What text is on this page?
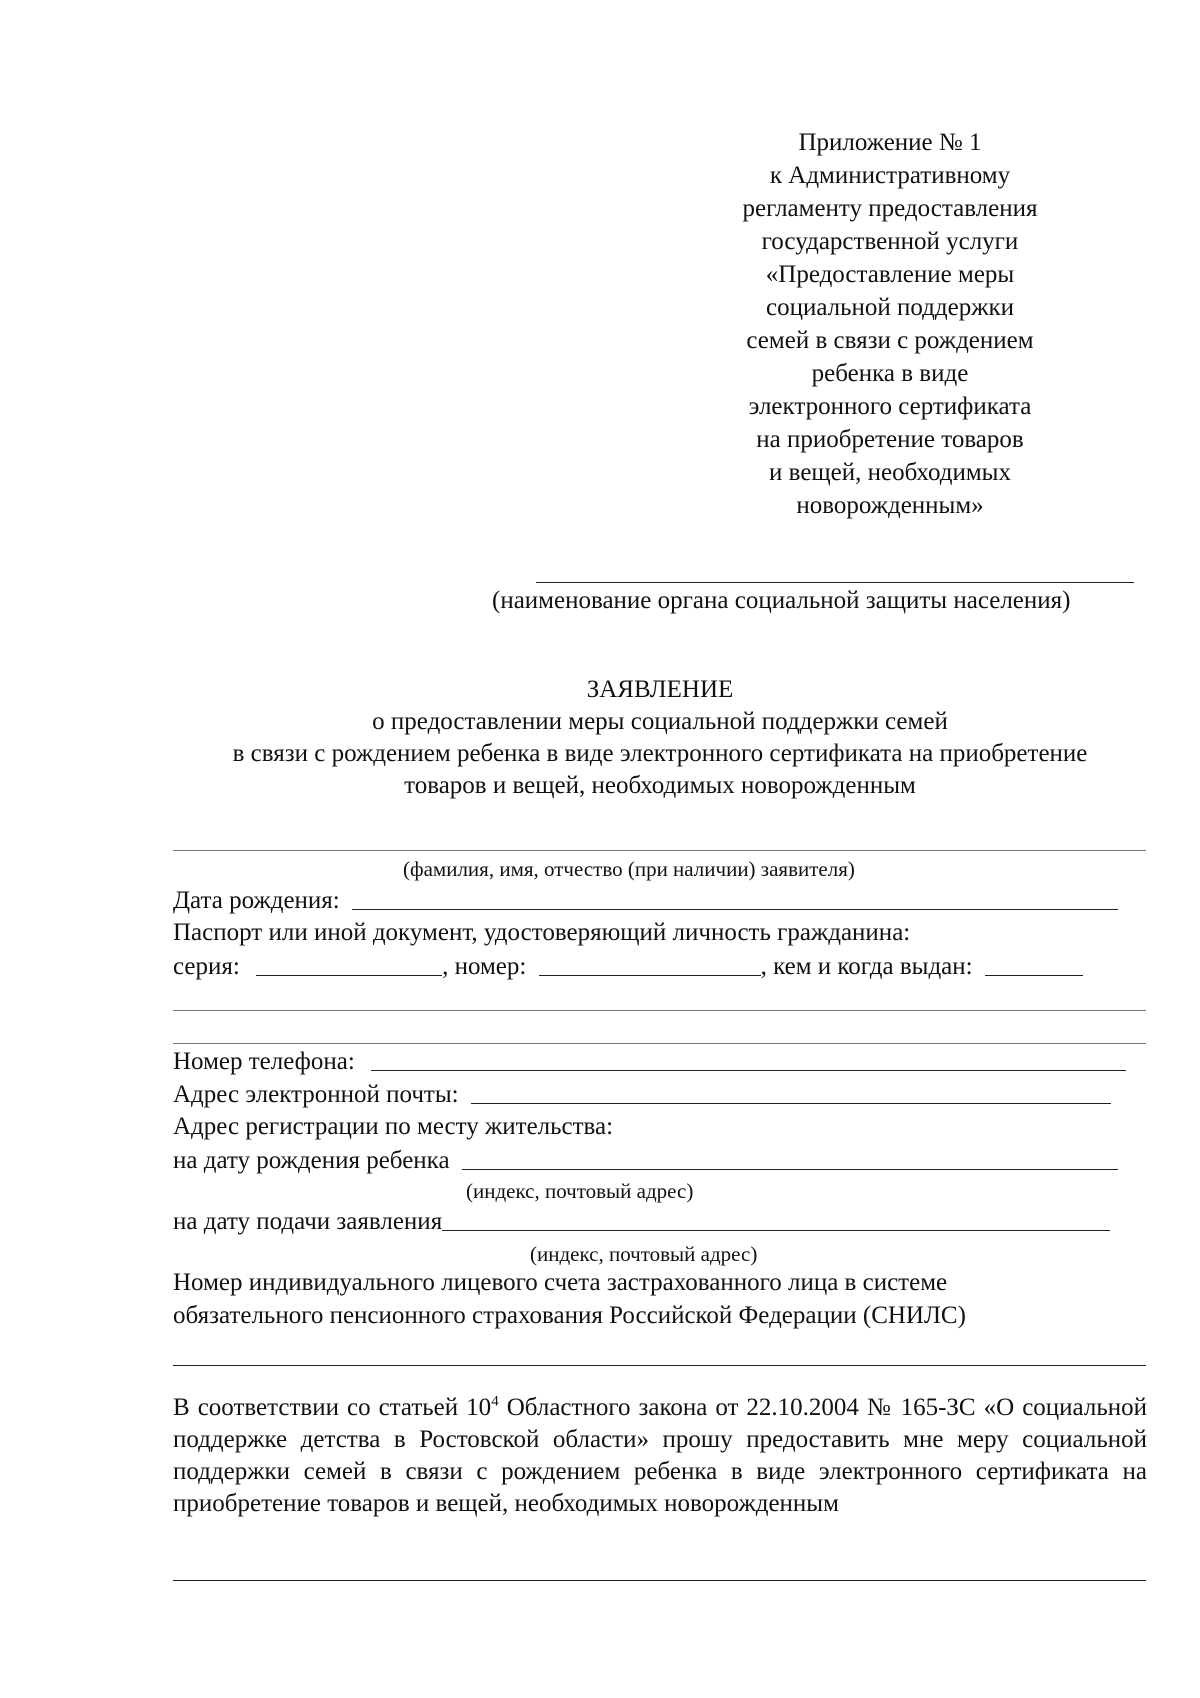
Приложение № 1
к Административному
регламенту предоставления
государственной услуги
«Предоставление меры
социальной поддержки
семей в связи с рождением
ребенка в виде
электронного сертификата
на приобретение товаров
и вещей, необходимых
новорожденным»
(наименование органа социальной защиты населения)
ЗАЯВЛЕНИЕ
о предоставлении меры социальной поддержки семей
в связи с рождением ребенка в виде электронного сертификата на приобретение
товаров и вещей, необходимых новорожденным
(фамилия, имя, отчество (при наличии) заявителя)
Дата рождения:
Паспорт или иной документ, удостоверяющий личность гражданина:
серия:	, номер:	, кем и когда выдан:
Номер телефона:
Адрес электронной почты:
Адрес регистрации по месту жительства:
на дату рождения ребенка
(индекс, почтовый адрес)
на дату подачи заявления
(индекс, почтовый адрес)
Номер индивидуального лицевого счета застрахованного лица в системе
обязательного пенсионного страхования Российской Федерации (СНИЛС)
В соответствии со статьей $10^4$ Областного закона от 22.10.2004 № 165-ЗС «О социальной поддержке детства в Ростовской области» прошу предоставить мне меру социальной поддержки семей в связи с рождением ребенка в виде электронного сертификата на приобретение товаров и вещей, необходимых новорожденным
